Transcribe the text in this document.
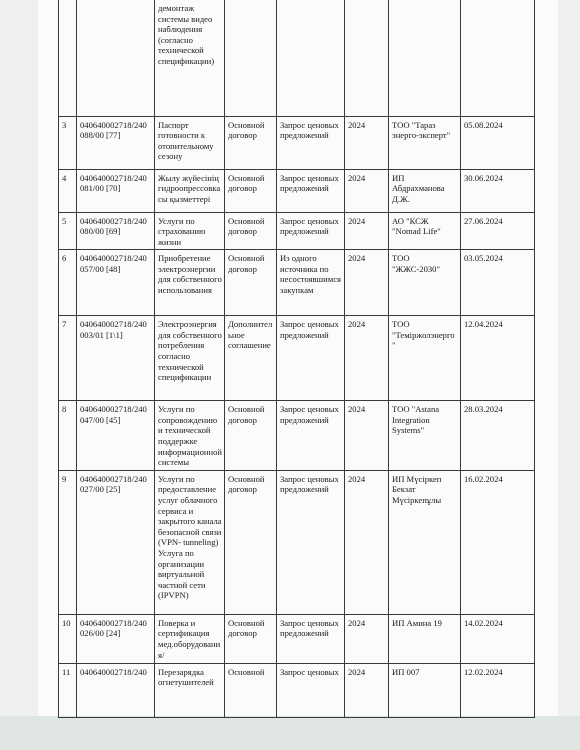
		демонтаж системы видео наблюдения (согласно технической спецификации)					
3	040640002718/240 088/00 [77]	Паспорт готовности к отопительному сезону	Основной договор	Запрос ценовых предложений	2024	ТОО "Тараз энерго-эксперт"	05.08.2024
4	040640002718/240 081/00 [70]	Жылу жүйесінің гидроопрессовка сы қызметтері	Основной договор	Запрос ценовых предложений	2024	ИП Абдрахманова Д.Ж.	30.06.2024
5	040640002718/240 080/00 [69]	Услуги по страхованию жизни	Основной договор	Запрос ценовых предложений	2024	АО "КСЖ "Nomad Life"	27.06.2024
6	040640002718/240 057/00 [48]	Приобретение электроэнергии для собственного использования	Основной договор	Из одного источника по несостоявшимся закупкам	2024	ТОО "ЖЖС-2030"	03.05.2024
7	040640002718/240 003/01 [1\1]	Электроэнергия для собственного потребления согласно технической спецификации	Дополнительное соглашение	Запрос ценовых предложений	2024	ТОО "Темiржолэнерго"	12.04.2024
8	040640002718/240 047/00 [45]	Услуги по сопровождению и технической поддержке информационной системы	Основной договор	Запрос ценовых предложений	2024	ТОО "Astana Integration Systems"	28.03.2024
9	040640002718/240 027/00 [25]	Услуги по предоставление услуг облачного сервиса и закрытого канала безопасной связи (VPN- tunneling) Услуга по организации виртуальной частной сети (IPVPN)	Основной договор	Запрос ценовых предложений	2024	ИП Мүсiркеп Бекзат Мүсiркепұлы	16.02.2024
10	040640002718/240 026/00 [24]	Поверка и сертификация мед.оборудования/	Основной договор	Запрос ценовых предложений	2024	ИП Амина 19	14.02.2024
11	040640002718/240	Перезарядка огнетушителей	Основной	Запрос ценовых	2024	ИП 007	12.02.2024
